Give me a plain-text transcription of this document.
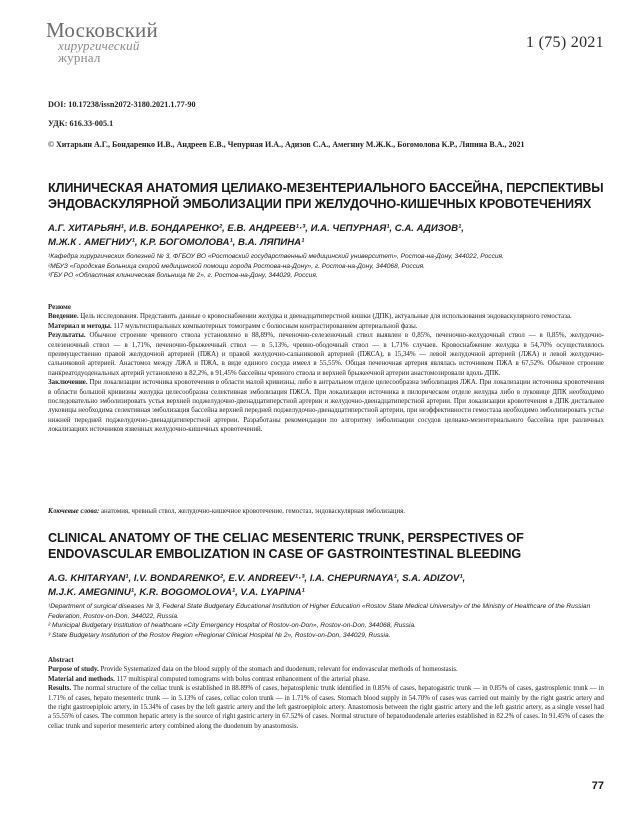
Московский
хирургический
журнал
1 (75) 2021
DOI: 10.17238/issn2072-3180.2021.1.77-90
УДК: 616.33-005.1
© Хитарьян А.Г., Бондаренко И.В., Андреев Е.В., Чепурная И.А., Адизов С.А., Амегниу М.Ж.К., Богомолова К.Р., Ляпина В.А., 2021
КЛИНИЧЕСКАЯ АНАТОМИЯ ЦЕЛИАКО-МЕЗЕНТЕРИАЛЬНОГО БАССЕЙНА, ПЕРСПЕКТИВЫ ЭНДОВАСКУЛЯРНОЙ ЭМБОЛИЗАЦИИ ПРИ ЖЕЛУДОЧНО-КИШЕЧНЫХ КРОВОТЕЧЕНИЯХ
А.Г. ХИТАРЬЯН¹, И.В. БОНДАРЕНКО², Е.В. АНДРЕЕВ¹·³, И.А. ЧЕПУРНАЯ¹, С.А. АДИЗОВ¹,
М.Ж.К . АМЕГНИУ¹, К.Р. БОГОМОЛОВА¹, В.А. ЛЯПИНА¹
¹Кафедра хирургических болезней № 3, ФГБОУ ВО «Ростовский государственный медицинский университет», Ростов-на-Дону, 344022, Россия.
²МБУЗ «Городская Больница скорой медицинской помощи города Ростова-на-Дону», г. Ростов-на-Дону, 344068, Россия.
³ГБУ РО «Областная клиническая больница № 2», г. Ростов-на-Дону, 344029, Россия.

Резюме

Введение. Цель исследования. Представить данные о кровоснабжении желудка и двенадцатиперстной кишки (ДПК), актуальные для использования эндоваскулярного гемостаза.

Материал и методы. 117 мультиспиральных компьютерных томограмм с болюсным контрастированием артериальной фазы.

Результаты. Обычное строение чревного ствола установлено в 88,89%, печеночно-селезеночный ствол выявлен в 0,85%, печеночно-желудочный ствол — в 0,85%, желудочно-селезеночный ствол — в 1,71%, печеночно-брыжеечный ствол — в 5,13%, чревно-ободочный ствол — в 1,71% случаев. Кровоснабжение желудка в 54,70% осуществлялось преимущественно правой желудочной артерией (ПЖА) и правой желудочно-сальниковой артерией (ПЖСА), в 15,34% — левой желудочной артерией (ЛЖА) и левой желудочно-сальниковой артерией. Анастомоз между ЛЖА и ПЖА, в виде единого сосуда имеел в 55,55%. Общая печеночная артерия являлась источником ПЖА в 67,52%. Обычное строение панкреатодуоденальных артерий установлено в 82,2%, в 91,45% бассейны чревного ствола и верхней брыжеечной артерии анастомозировали вдоль ДПК.

Заключение. При локализации источника кровотечения в области малой кривизны, либо в антральном отделе целесообразна эмболизация ЛЖА. При локализации источника кровотечения в области большой кривизны желудка целесообразна селективная эмболизация ПЖСА. При локализации источника в пилорическом отделе желудка либо в луковице ДПК необходимо последовательно эмболизировать устья верхней поджелудочно-двенадцатиперстной артерии и желудочно-двенадцатиперстной артерии. При локализации кровотечения в ДПК дистальнее луковицы необходима селективная эмболизация бассейна верхней передней поджелудочно-двенадцатиперстной артерии, при неэффективности гемостаза необходимо эмболизировать устье нижней передней поджелудочно-двенадцатиперстной артерии. Разработаны рекомендации по алгоритму эмболизации сосудов целиако-мезентериального бассейна при различных локализациях источников язвенных желудочно-кишечных кровотечений.

Ключевые слова: анатомия, чревный ствол, желудочно-кишечное кровотечение, гемостаз, эндоваскулярная эмболизация.
CLINICAL ANATOMY OF THE CELIAC MESENTERIC TRUNK, PERSPECTIVES OF ENDOVASCULAR EMBOLIZATION IN CASE OF GASTROINTESTINAL BLEEDING
A.G. KHITARYAN¹, I.V. BONDARENKO², E.V. ANDREEV¹·³, I.A. CHEPURNAYA¹, S.A. ADIZOV¹,
M.J.K. AMEGNINU¹, K.R. BOGOMOLOVA¹, V.A. LYAPINA¹
¹Department of surgical diseases № 3, Federal State Budgetary Educational Institution of Higher Education «Rostov State Medical University» of the Ministry of Healthcare of the Russian Federation, Rostov-on-Don, 344022, Russia.
² Municipal Budgetary Institution of healthcare «City Emergency Hospital of Rostov-on-Don», Rostov-on-Don, 344068, Russia.
³ State Budgetary Institution of the Rostov Region «Regional Clinical Hospital № 2», Rostov-on-Don, 344029, Russia.

Abstract

Purpose of study. Provide Systematized data on the blood supply of the stomach and duodenum, relevant for endovascular methods of homeostasis.

Material and methods. 117 multispiral computed tomograms with bolus contrast enhancement of the arterial phase.

Results. The normal structure of the celiac trunk is established in 88.89% of cases, hepatosplenic trunk identified in 0.85% of cases, hepatogastric trunk — in 0.85% of cases, gastrosplenic trunk — in 1.71% of cases, hepato mesenteric trunk — in 5.13% of cases, celiac colon trunk — in 1.71% of cases. Stomach blood supply in 54.70% of cases was carried out mainly by the right gastric artery and the right gastroepiploic artery, in 15.34% of cases by the left gastric artery and the left gastroepiploic artery. Anastomosis between the right gastric artery and the left gastric artery, as a single vessel had a 55.55% of cases. The common hepatic artery is the source of right gastric artery in 67.52% of cases. Normal structure of hepatoduodenale arteries established in 82.2% of cases. In 91.45% of cases the celiac trunk and superior mesenteric artery combined along the duodenum by anastomosis.

77
